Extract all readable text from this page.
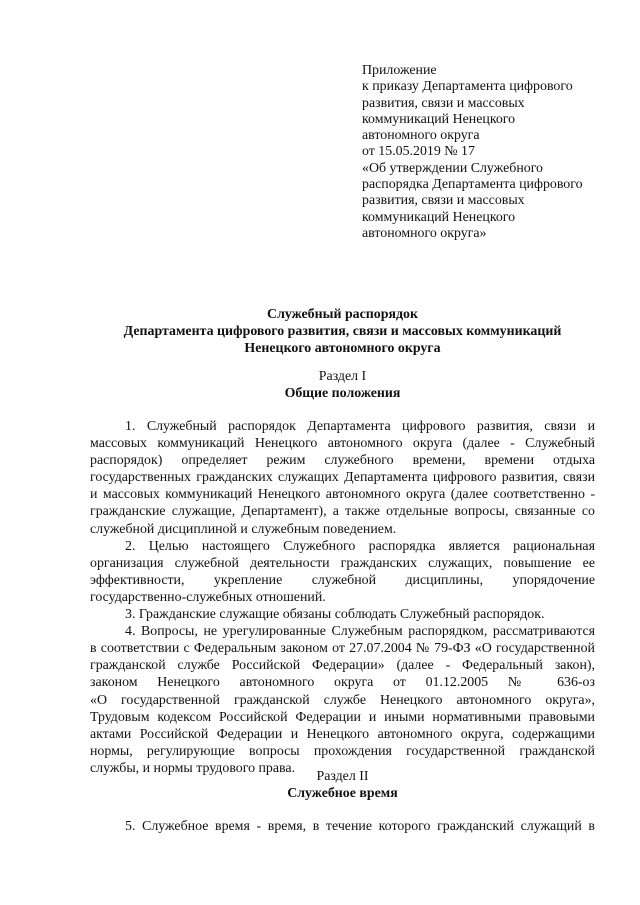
Приложение
к приказу Департамента цифрового
развития, связи и массовых
коммуникаций Ненецкого
автономного округа
от 15.05.2019 № 17
«Об утверждении Служебного
распорядка Департамента цифрового
развития, связи и массовых
коммуникаций Ненецкого
автономного округа»
Служебный распорядок
Департамента цифрового развития, связи и массовых коммуникаций
Ненецкого автономного округа
Раздел I
Общие положения

1. Служебный распорядок Департамента цифрового развития, связи и
массовых коммуникаций Ненецкого автономного округа (далее - Служебный
распорядок) определяет режим служебного времени, времени отдыха
государственных гражданских служащих Департамента цифрового развития, связи
и массовых коммуникаций Ненецкого автономного округа (далее соответственно -
гражданские служащие, Департамент), а также отдельные вопросы, связанные со
служебной дисциплиной и служебным поведением.

2. Целью настоящего Служебного распорядка является рациональная
организация служебной деятельности гражданских служащих, повышение ее
эффективности, укрепление служебной дисциплины, упорядочение
государственно-служебных отношений.

3. Гражданские служащие обязаны соблюдать Служебный распорядок.

4. Вопросы, не урегулированные Служебным распорядком, рассматриваются
в соответствии с Федеральным законом от 27.07.2004 № 79-ФЗ «О государственной
гражданской службе Российской Федерации» (далее - Федеральный закон),
законом Ненецкого автономного округа от 01.12.2005 № 636-оз
«О государственной гражданской службе Ненецкого автономного округа»,
Трудовым кодексом Российской Федерации и иными нормативными правовыми
актами Российской Федерации и Ненецкого автономного округа, содержащими
нормы, регулирующие вопросы прохождения государственной гражданской
службы, и нормы трудового права.

Раздел II
Служебное время

5. Служебное время - время, в течение которого гражданский служащий в
